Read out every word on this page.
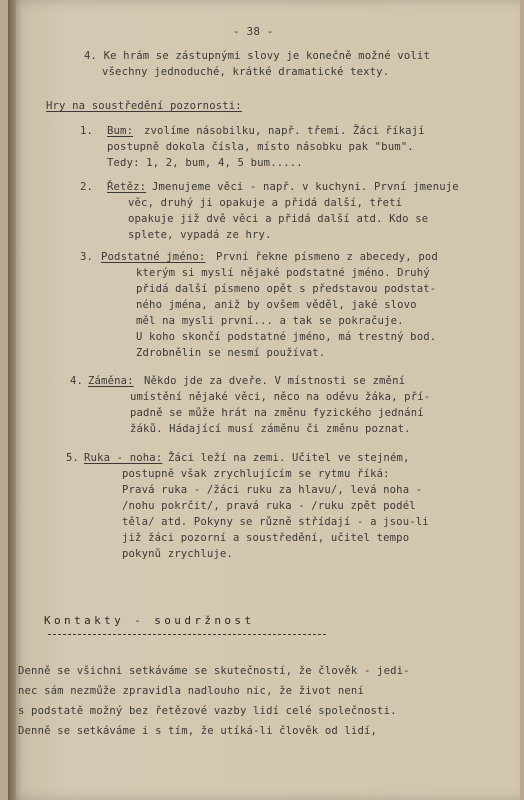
- 38 -
4. Ke hrám se zástupnými slovy je konečně možné volit
všechny jednoduché, krátké dramatické texty.
Hry na soustředění pozornosti:
1. Bum: zvolíme násobilku, např. třemi. Žáci říkají
postupně dokola čísla, místo násobku pak "bum".
Tedy: 1, 2, bum, 4, 5 bum.....
2. Řetěz: Jmenujeme věci - např. v kuchyni. První jmenuje
věc, druhý ji opakuje a přidá další, třetí
opakuje již dvě věci a přidá další atd. Kdo se
splete, vypadá ze hry.
3. Podstatné jméno: První řekne písmeno z abecedy, pod
kterým si myslí nějaké podstatné jméno. Druhý
přidá další písmeno opět s představou podstat-
ného jména, aniž by ovšem věděl, jaké slovo
měl na mysli první... a tak se pokračuje.
U koho skončí podstatné jméno, má trestný bod.
Zdrobnělin se nesmí používat.
4. Záměna: Někdo jde za dveře. V místnosti se změní
umístění nějaké věci, něco na oděvu žáka, pří-
padně se může hrát na změnu fyzického jednání
žáků. Hádající musí záměnu či změnu poznat.
5. Ruka - noha: Žáci leží na zemi. Učitel ve stejném,
postupně však zrychlujícím se rytmu říká:
Pravá ruka - /žáci ruku za hlavu/, levá noha -
/nohu pokrčit/, pravá ruka - /ruku zpět podél
těla/ atd. Pokyny se různě střídají - a jsou-li
již žáci pozorní a soustředění, učitel tempo
pokynů zrychluje.
Kontakty - soudržnost
Denně se všichni setkáváme se skutečností, že člověk - jedi-
nec sám nezmůže zpravidla nadlouho nic, že život není
s podstatě možný bez řetězové vazby lidí celé společnosti.
Denně se setkáváme i s tím, že utíká-li člověk od lidí,
